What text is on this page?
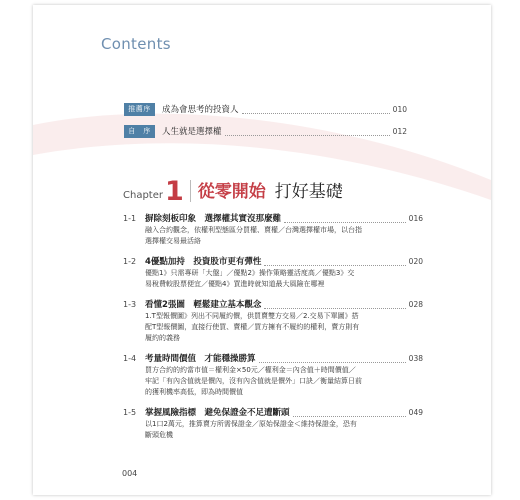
Contents
推薦序	成為會思考的投資人	010
自　序	人生就是選擇權	012
Chapter 1 從零開始 打好基礎
1-1	摒除刻板印象　選擇權其實沒那麼難	016
融入合約觀念，依權利型態區分買權、賣權／台灣選擇權市場，以台指
選擇權交易最活絡
1-2	4優點加持　投資股市更有彈性	020
優點1》只需專研「大盤」／優點2》操作策略靈活度高／優點3》交
易稅費較股票便宜／優點4》買進時就知道最大風險在哪裡
1-3	看懂2張圖　輕鬆建立基本觀念	028
1.T型報價圖》列出不同履約價，供買賣雙方交易／2.交易下單圖》搭
配T型報價圖，直接行使買、賣權／買方擁有不履約的權利，賣方則有
履約的義務
1-4	考量時間價值　才能穩操勝算	038
買方合約的約當市值＝權利金×50元／權利金＝內含值＋時間價值／
牢記「有內含值就是價內，沒有內含值就是價外」口訣／衡量結算日前
的獲利機率高低，即為時間價值
1-5	掌握風險指標　避免保證金不足遭斷頭	049
以1口2萬元，推算賣方所需保證金／原始保證金＜維持保證金，恐有
斷頭危機
004
